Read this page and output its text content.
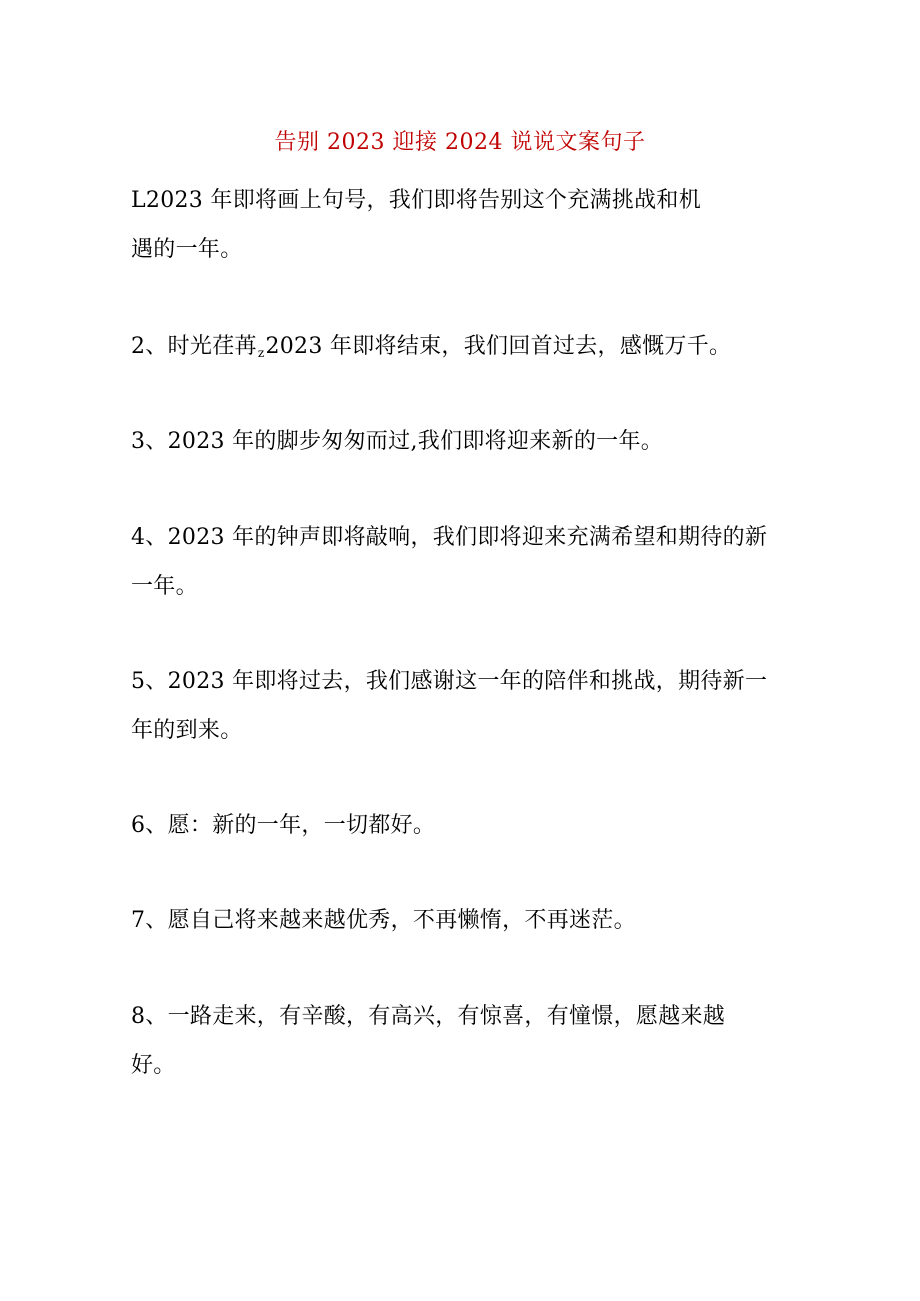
告别 2023 迎接 2024 说说文案句子
L2023 年即将画上句号，我们即将告别这个充满挑战和机
遇的一年。
2、时光荏苒$_z$2023 年即将结束，我们回首过去，感慨万千。
3、2023 年的脚步匆匆而过,我们即将迎来新的一年。
4、2023 年的钟声即将敲响，我们即将迎来充满希望和期待的新
一年。
5、2023 年即将过去，我们感谢这一年的陪伴和挑战，期待新一
年的到来。
6、愿：新的一年，一切都好。
7、愿自己将来越来越优秀，不再懒惰，不再迷茫。
8、一路走来，有辛酸，有高兴，有惊喜，有憧憬，愿越来越
好。
